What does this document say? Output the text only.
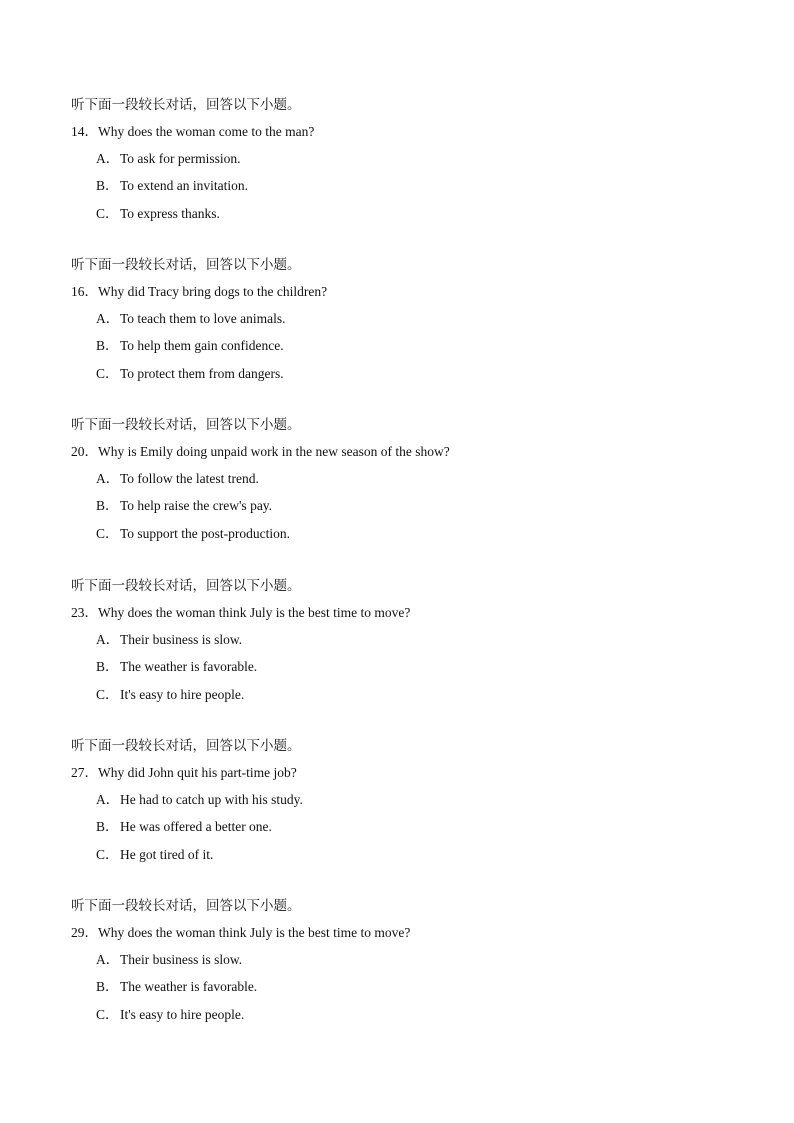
听下面一段较长对话，回答以下小题。
14．Why does the woman come to the man?
A．To ask for permission.
B．To extend an invitation.
C．To express thanks.
听下面一段较长对话，回答以下小题。
16．Why did Tracy bring dogs to the children?
A．To teach them to love animals.
B．To help them gain confidence.
C．To protect them from dangers.
听下面一段较长对话，回答以下小题。
20．Why is Emily doing unpaid work in the new season of the show?
A．To follow the latest trend.
B．To help raise the crew's pay.
C．To support the post-production.
听下面一段较长对话，回答以下小题。
23．Why does the woman think July is the best time to move?
A．Their business is slow.
B．The weather is favorable.
C．It's easy to hire people.
听下面一段较长对话，回答以下小题。
27．Why did John quit his part-time job?
A．He had to catch up with his study.
B．He was offered a better one.
C．He got tired of it.
听下面一段较长对话，回答以下小题。
29．Why does the woman think July is the best time to move?
A．Their business is slow.
B．The weather is favorable.
C．It's easy to hire people.
